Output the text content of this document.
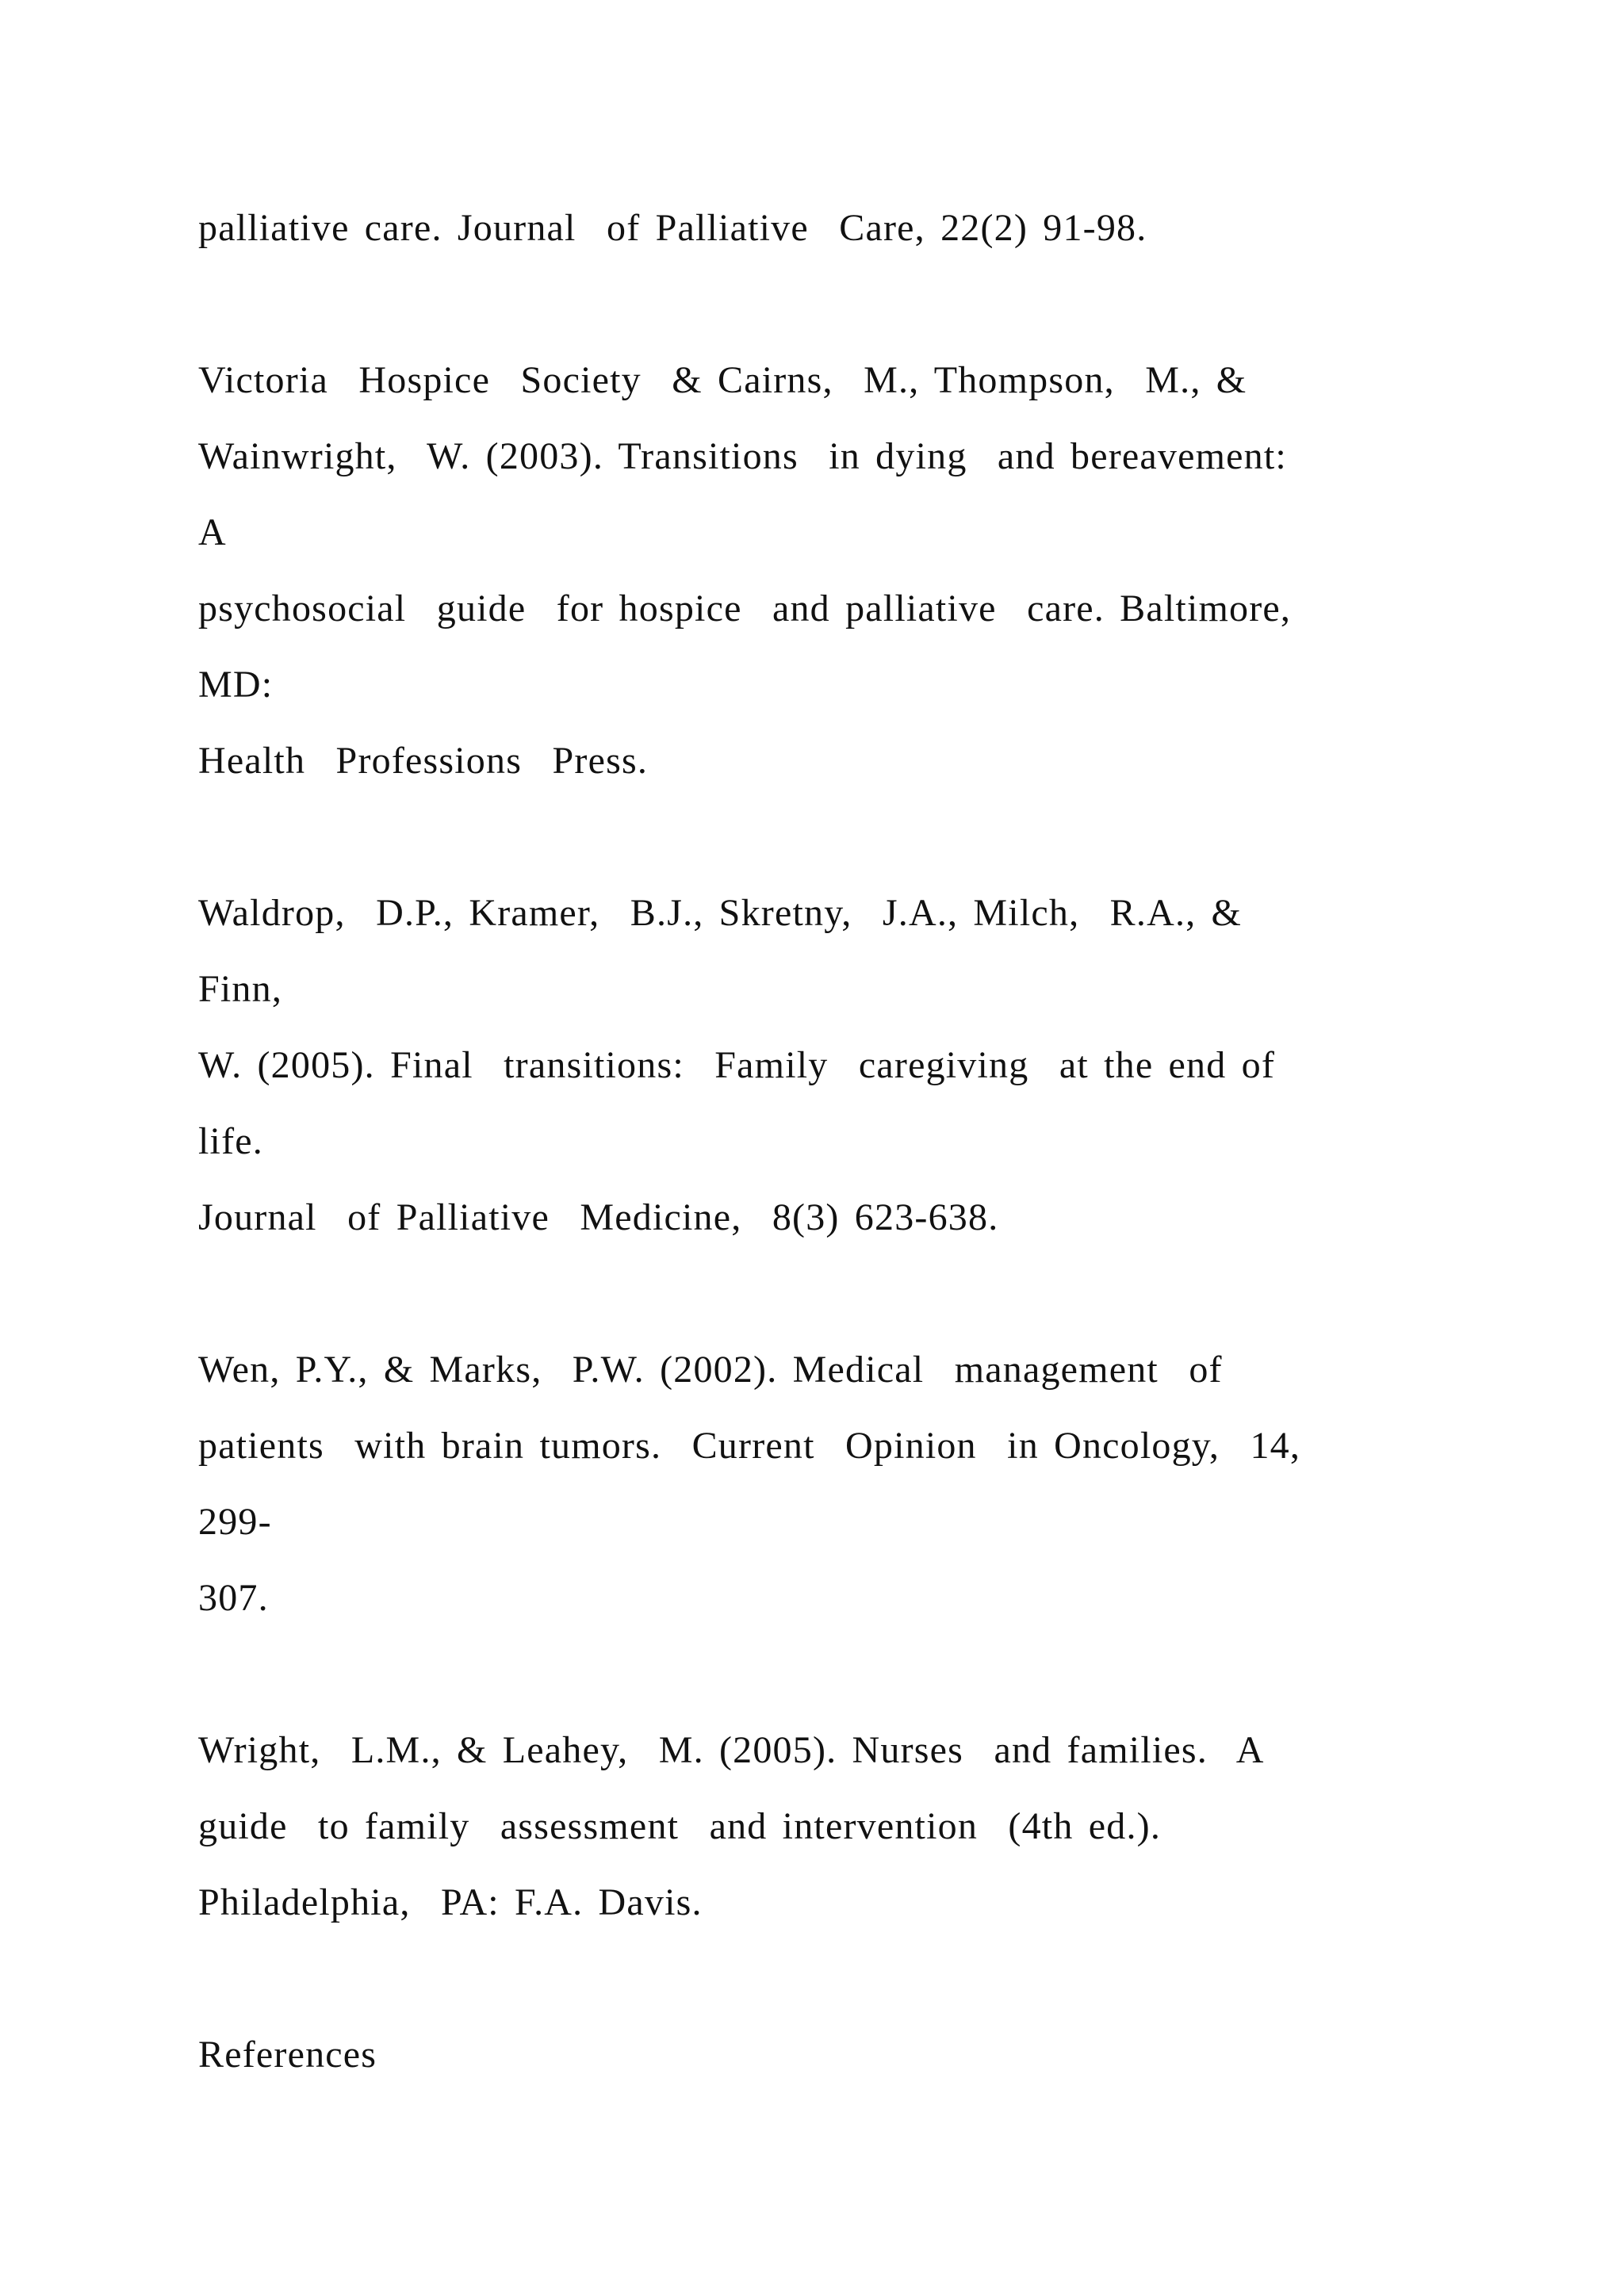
palliative care. Journal  of Palliative  Care, 22(2) 91-98.
Victoria  Hospice  Society  & Cairns,  M., Thompson,  M., &
Wainwright,  W. (2003). Transitions  in dying  and bereavement:
A
psychosocial  guide  for hospice  and palliative  care. Baltimore,
MD:
Health  Professions  Press.
Waldrop,  D.P., Kramer,  B.J., Skretny,  J.A., Milch,  R.A., &
Finn,
W. (2005). Final  transitions:  Family  caregiving  at the end of
life.
Journal  of Palliative  Medicine,  8(3) 623-638.
Wen, P.Y., & Marks,  P.W. (2002). Medical  management  of
patients  with brain tumors.  Current  Opinion  in Oncology,  14,
299-
307.
Wright,  L.M., & Leahey,  M. (2005). Nurses  and families.  A
guide  to family  assessment  and intervention  (4th ed.).
Philadelphia,  PA: F.A. Davis.
References
